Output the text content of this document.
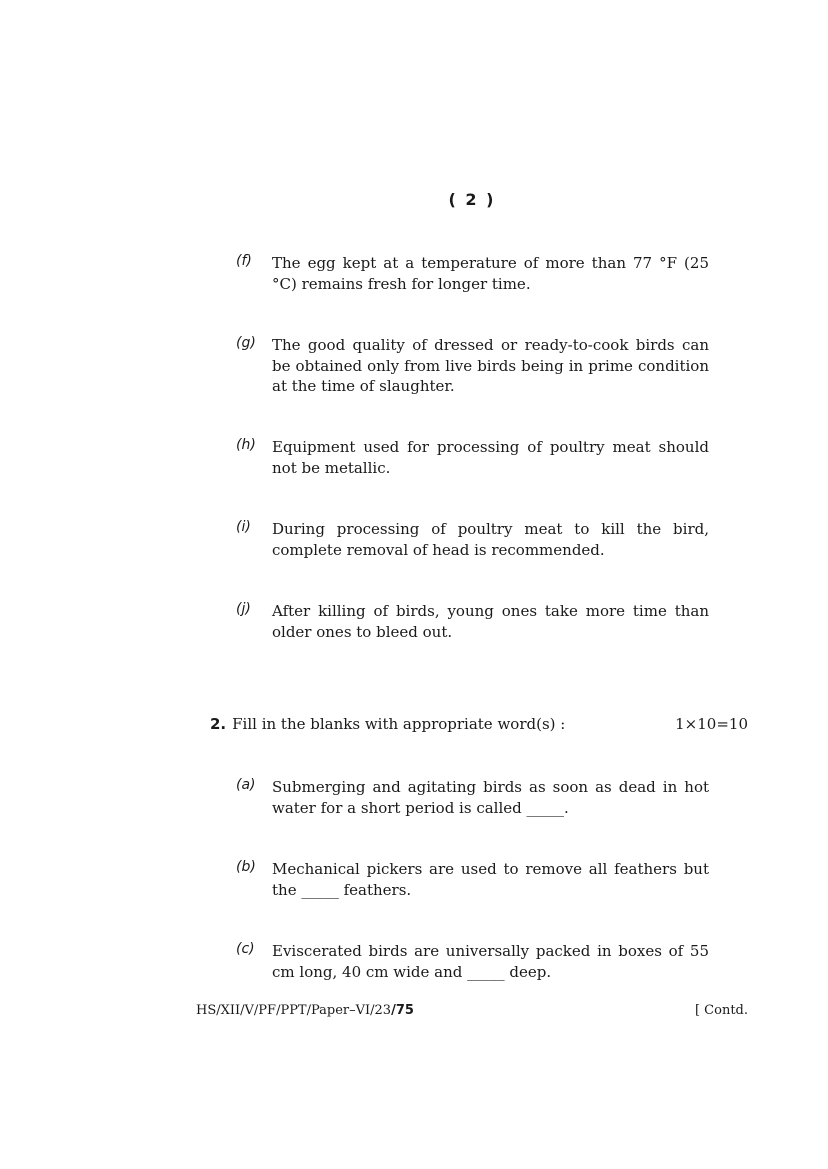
( 2 )
(f) The egg kept at a temperature of more than 77 °F (25 °C) remains fresh for longer time.
(g) The good quality of dressed or ready-to-cook birds can be obtained only from live birds being in prime condition at the time of slaughter.
(h) Equipment used for processing of poultry meat should not be metallic.
(i) During processing of poultry meat to kill the bird, complete removal of head is recommended.
(j) After killing of birds, young ones take more time than older ones to bleed out.
2. Fill in the blanks with appropriate word(s) :	1×10=10
(a) Submerging and agitating birds as soon as dead in hot water for a short period is called _____.
(b) Mechanical pickers are used to remove all feathers but the _____ feathers.
(c) Eviscerated birds are universally packed in boxes of 55 cm long, 40 cm wide and _____ deep.
HS/XII/V/PF/PPT/Paper–VI/23/75	[ Contd.
